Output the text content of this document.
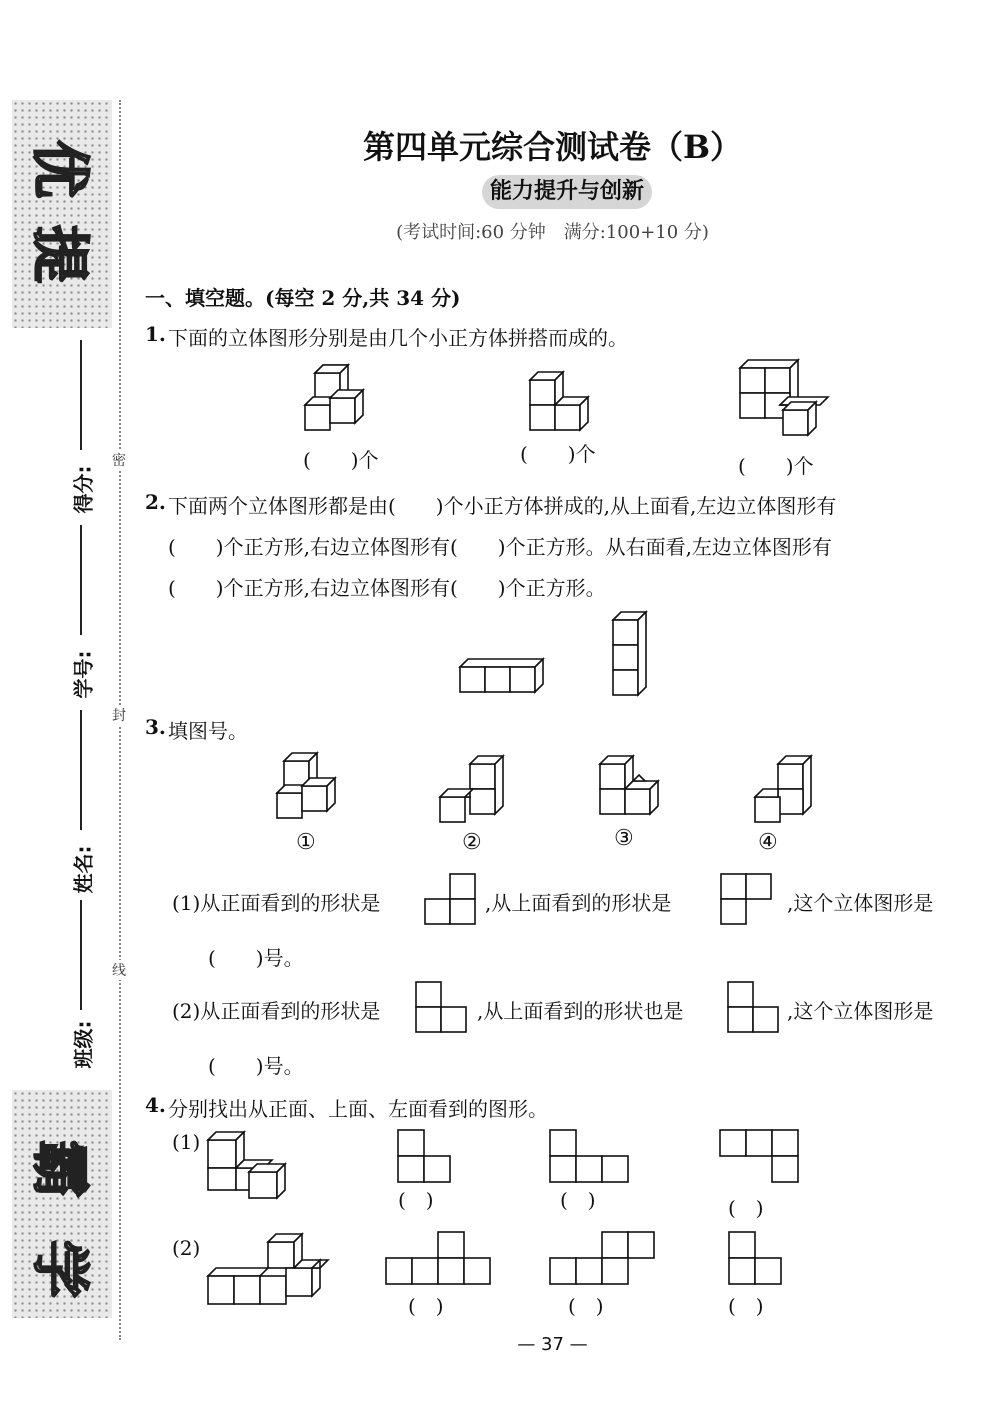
提
优
学
霸
得分:
学号:
姓名:
班级:
密
封
线
第四单元综合测试卷（B）
能力提升与创新
(考试时间:60 分钟　满分:100+10 分)
一、填空题。(每空 2 分,共 34 分)
1. 下面的立体图形分别是由几个小正方体拼搭而成的。
(　　)个	(　　)个	(　　)个
2. 下面两个立体图形都是由(　　)个小正方体拼成的,从上面看,左边立体图形有
(　　)个正方形,右边立体图形有(　　)个正方形。从右面看,左边立体图形有
(　　)个正方形,右边立体图形有(　　)个正方形。
3. 填图号。
①	②	③	④
(1)从正面看到的形状是	,从上面看到的形状是	,这个立体图形是
(　　)号。
(2)从正面看到的形状是	,从上面看到的形状也是	,这个立体图形是
(　　)号。
4. 分别找出从正面、上面、左面看到的图形。
(1)
(　)	(　)	(　)
(2)
(　)	(　)	(　)
— 37 —
